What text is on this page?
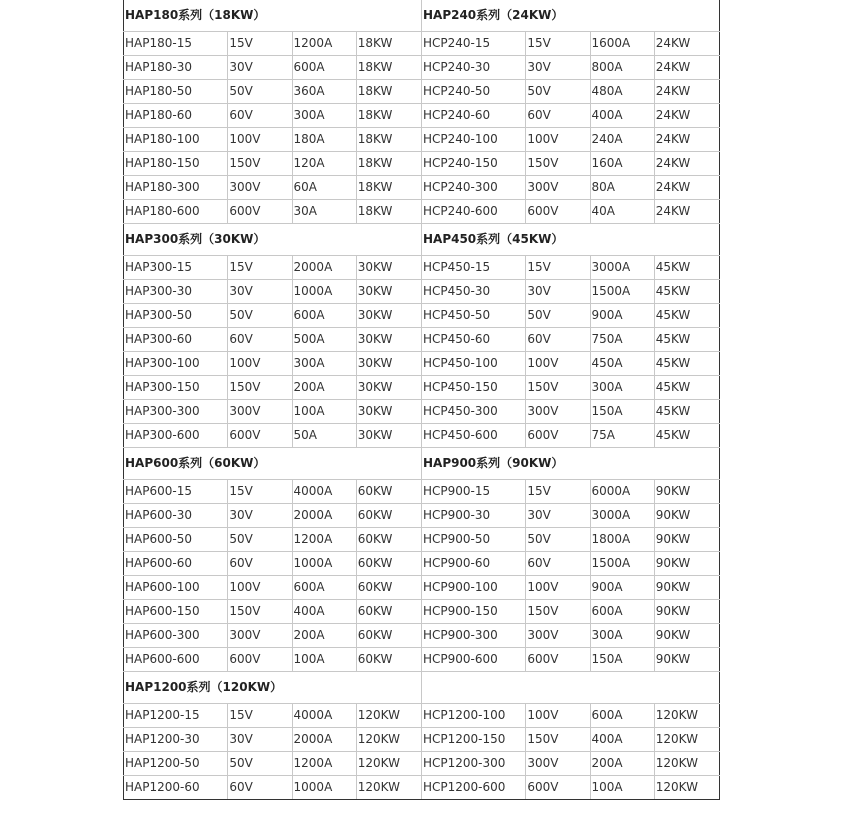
HAP180系列（18KW）				HAP240系列（24KW）			
HAP180-15	15V	1200A	18KW	HCP240-15	15V	1600A	24KW
HAP180-30	30V	600A	18KW	HCP240-30	30V	800A	24KW
HAP180-50	50V	360A	18KW	HCP240-50	50V	480A	24KW
HAP180-60	60V	300A	18KW	HCP240-60	60V	400A	24KW
HAP180-100	100V	180A	18KW	HCP240-100	100V	240A	24KW
HAP180-150	150V	120A	18KW	HCP240-150	150V	160A	24KW
HAP180-300	300V	60A	18KW	HCP240-300	300V	80A	24KW
HAP180-600	600V	30A	18KW	HCP240-600	600V	40A	24KW
HAP300系列（30KW）				HAP450系列（45KW）			
HAP300-15	15V	2000A	30KW	HCP450-15	15V	3000A	45KW
HAP300-30	30V	1000A	30KW	HCP450-30	30V	1500A	45KW
HAP300-50	50V	600A	30KW	HCP450-50	50V	900A	45KW
HAP300-60	60V	500A	30KW	HCP450-60	60V	750A	45KW
HAP300-100	100V	300A	30KW	HCP450-100	100V	450A	45KW
HAP300-150	150V	200A	30KW	HCP450-150	150V	300A	45KW
HAP300-300	300V	100A	30KW	HCP450-300	300V	150A	45KW
HAP300-600	600V	50A	30KW	HCP450-600	600V	75A	45KW
HAP600系列（60KW）				HAP900系列（90KW）			
HAP600-15	15V	4000A	60KW	HCP900-15	15V	6000A	90KW
HAP600-30	30V	2000A	60KW	HCP900-30	30V	3000A	90KW
HAP600-50	50V	1200A	60KW	HCP900-50	50V	1800A	90KW
HAP600-60	60V	1000A	60KW	HCP900-60	60V	1500A	90KW
HAP600-100	100V	600A	60KW	HCP900-100	100V	900A	90KW
HAP600-150	150V	400A	60KW	HCP900-150	150V	600A	90KW
HAP600-300	300V	200A	60KW	HCP900-300	300V	300A	90KW
HAP600-600	600V	100A	60KW	HCP900-600	600V	150A	90KW
HAP1200系列（120KW）							
HAP1200-15	15V	4000A	120KW	HCP1200-100	100V	600A	120KW
HAP1200-30	30V	2000A	120KW	HCP1200-150	150V	400A	120KW
HAP1200-50	50V	1200A	120KW	HCP1200-300	300V	200A	120KW
HAP1200-60	60V	1000A	120KW	HCP1200-600	600V	100A	120KW
